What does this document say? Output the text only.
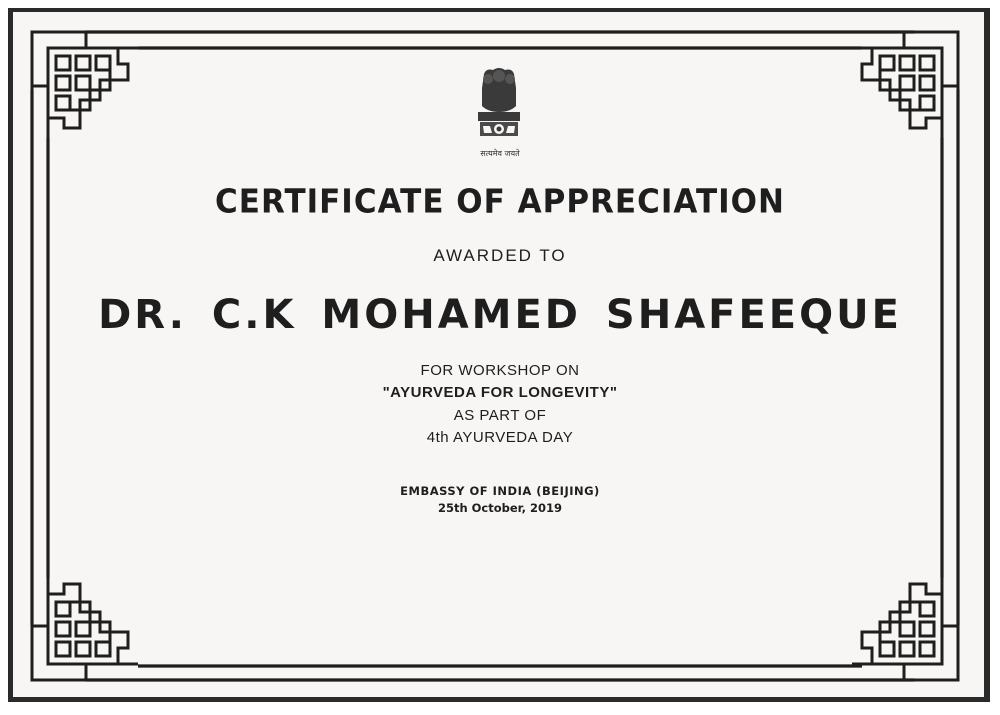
सत्यमेव जयते
CERTIFICATE OF APPRECIATION
AWARDED TO
DR. C.K MOHAMED SHAFEEQUE
FOR WORKSHOP ON
"AYURVEDA FOR LONGEVITY"
AS PART OF
4th AYURVEDA DAY
EMBASSY OF INDIA (BEIJING)
25th October, 2019
